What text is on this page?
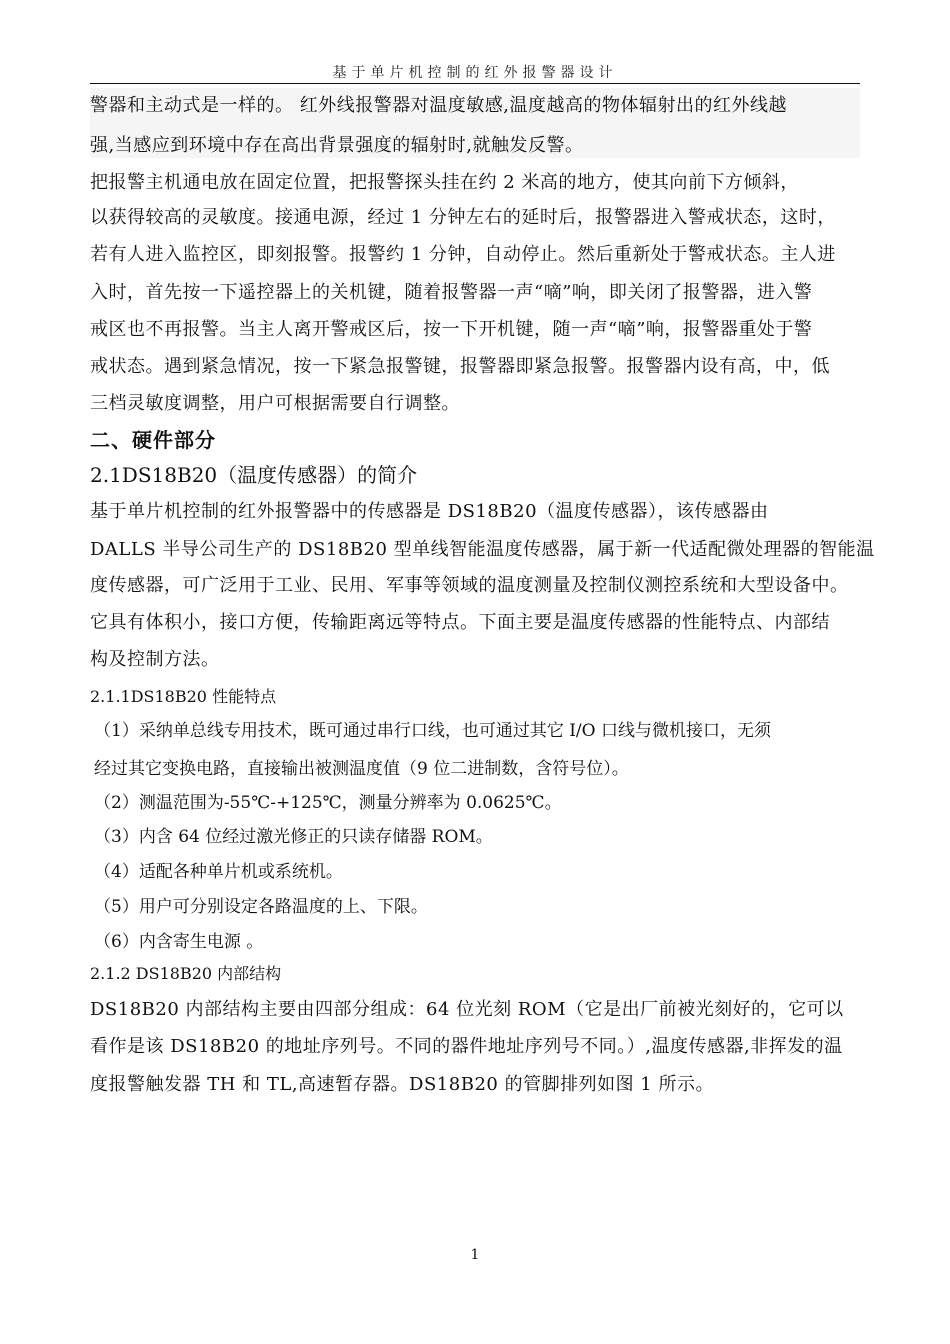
基于单片机控制的红外报警器设计
警器和主动式是一样的。 红外线报警器对温度敏感,温度越高的物体辐射出的红外线越
强,当感应到环境中存在高出背景强度的辐射时,就触发反警。
把报警主机通电放在固定位置，把报警探头挂在约 2 米高的地方，使其向前下方倾斜，
以获得较高的灵敏度。接通电源，经过 1 分钟左右的延时后，报警器进入警戒状态，这时，
若有人进入监控区，即刻报警。报警约 1 分钟，自动停止。然后重新处于警戒状态。主人进
入时，首先按一下遥控器上的关机键，随着报警器一声“嘀”响，即关闭了报警器，进入警
戒区也不再报警。当主人离开警戒区后，按一下开机键，随一声“嘀”响，报警器重处于警
戒状态。遇到紧急情况，按一下紧急报警键，报警器即紧急报警。报警器内设有高，中，低
三档灵敏度调整，用户可根据需要自行调整。
二、硬件部分
2.1DS18B20（温度传感器）的简介
基于单片机控制的红外报警器中的传感器是 DS18B20（温度传感器），该传感器由
DALLS 半导公司生产的 DS18B20 型单线智能温度传感器，属于新一代适配微处理器的智能温
度传感器，可广泛用于工业、民用、军事等领域的温度测量及控制仪测控系统和大型设备中。
它具有体积小，接口方便，传输距离远等特点。下面主要是温度传感器的性能特点、内部结
构及控制方法。
2.1.1DS18B20 性能特点
（1）采纳单总线专用技术，既可通过串行口线，也可通过其它 I/O 口线与微机接口，无须
经过其它变换电路，直接输出被测温度值（9 位二进制数，含符号位）。
（2）测温范围为-55℃-+125℃，测量分辨率为 0.0625℃。
（3）内含 64 位经过激光修正的只读存储器 ROM。
（4）适配各种单片机或系统机。
（5）用户可分别设定各路温度的上、下限。
（6）内含寄生电源 。
2.1.2 DS18B20 内部结构
DS18B20 内部结构主要由四部分组成：64 位光刻 ROM（它是出厂前被光刻好的，它可以
看作是该 DS18B20 的地址序列号。不同的器件地址序列号不同。）,温度传感器,非挥发的温
度报警触发器 TH 和 TL,高速暂存器。DS18B20 的管脚排列如图 1 所示。
1
